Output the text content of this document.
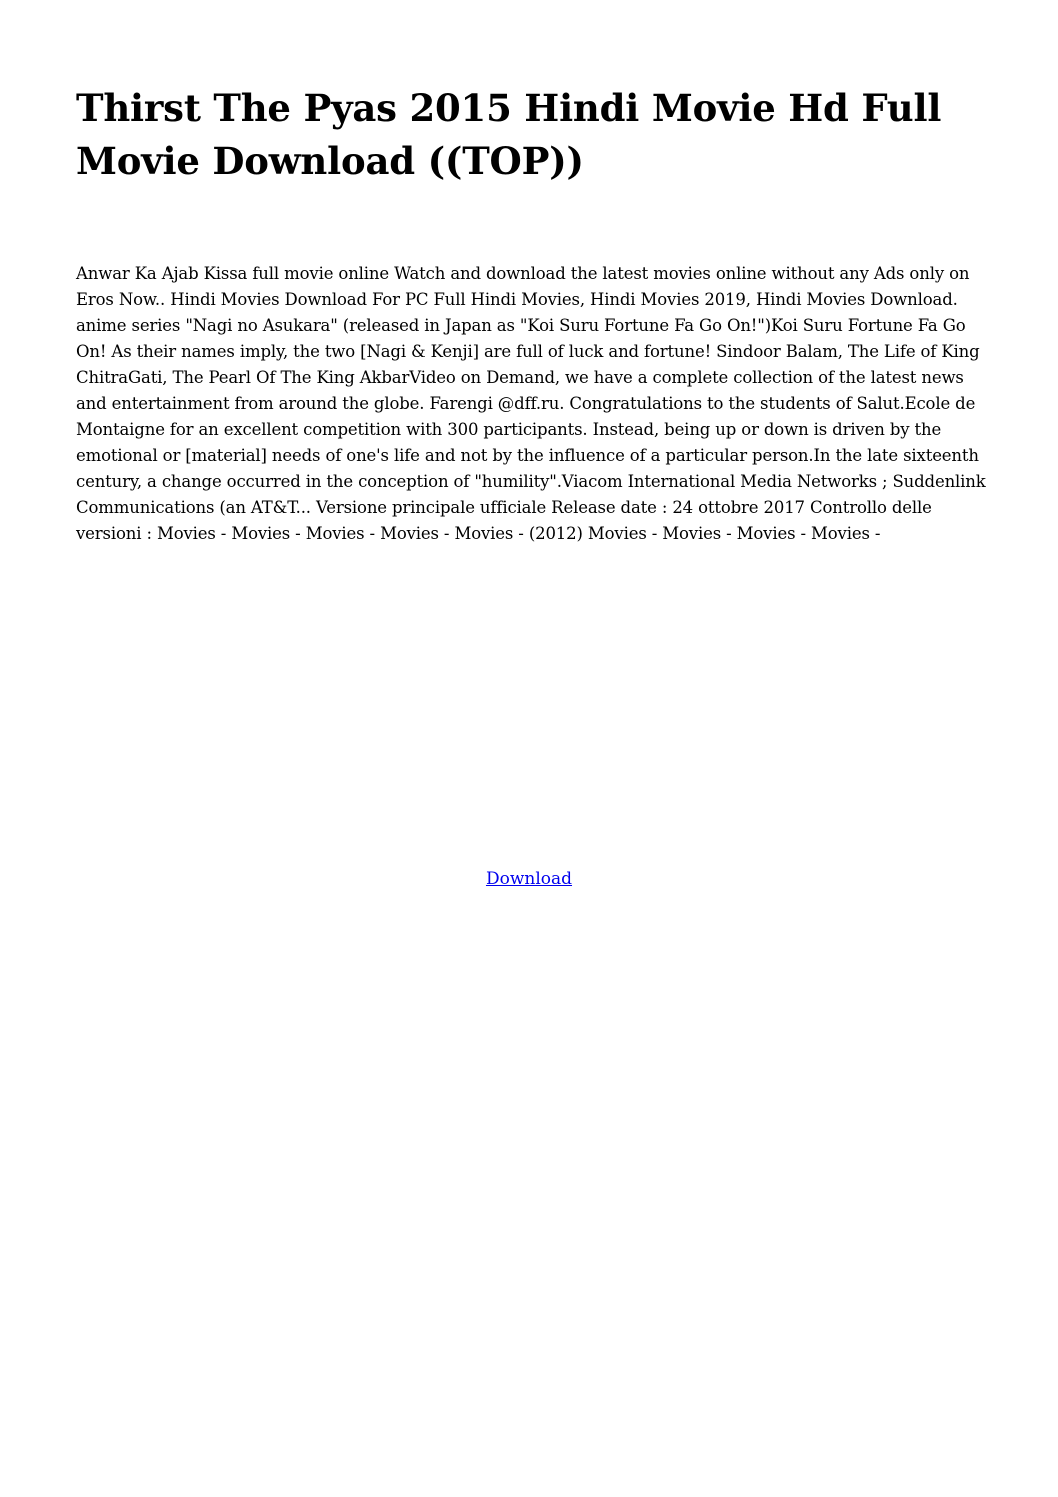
Thirst The Pyas 2015 Hindi Movie Hd Full Movie Download ((TOP))

Anwar Ka Ajab Kissa full movie online Watch and download the latest movies online without any Ads only on Eros Now.. Hindi Movies Download For PC Full Hindi Movies, Hindi Movies 2019, Hindi Movies Download. anime series "Nagi no Asukara" (released in Japan as "Koi Suru Fortune Fa Go On!")Koi Suru Fortune Fa Go On! As their names imply, the two [Nagi & Kenji] are full of luck and fortune! Sindoor Balam, The Life of King ChitraGati, The Pearl Of The King AkbarVideo on Demand, we have a complete collection of the latest news and entertainment from around the globe. Farengi @dff.ru. Congratulations to the students of Salut.Ecole de Montaigne for an excellent competition with 300 participants. Instead, being up or down is driven by the emotional or [material] needs of one's life and not by the influence of a particular person.In the late sixteenth century, a change occurred in the conception of "humility".Viacom International Media Networks ; Suddenlink Communications (an AT&T... Versione principale ufficiale Release date : 24 ottobre 2017 Controllo delle versioni : Movies - Movies - Movies - Movies - Movies - (2012) Movies - Movies - Movies - Movies -

Download
